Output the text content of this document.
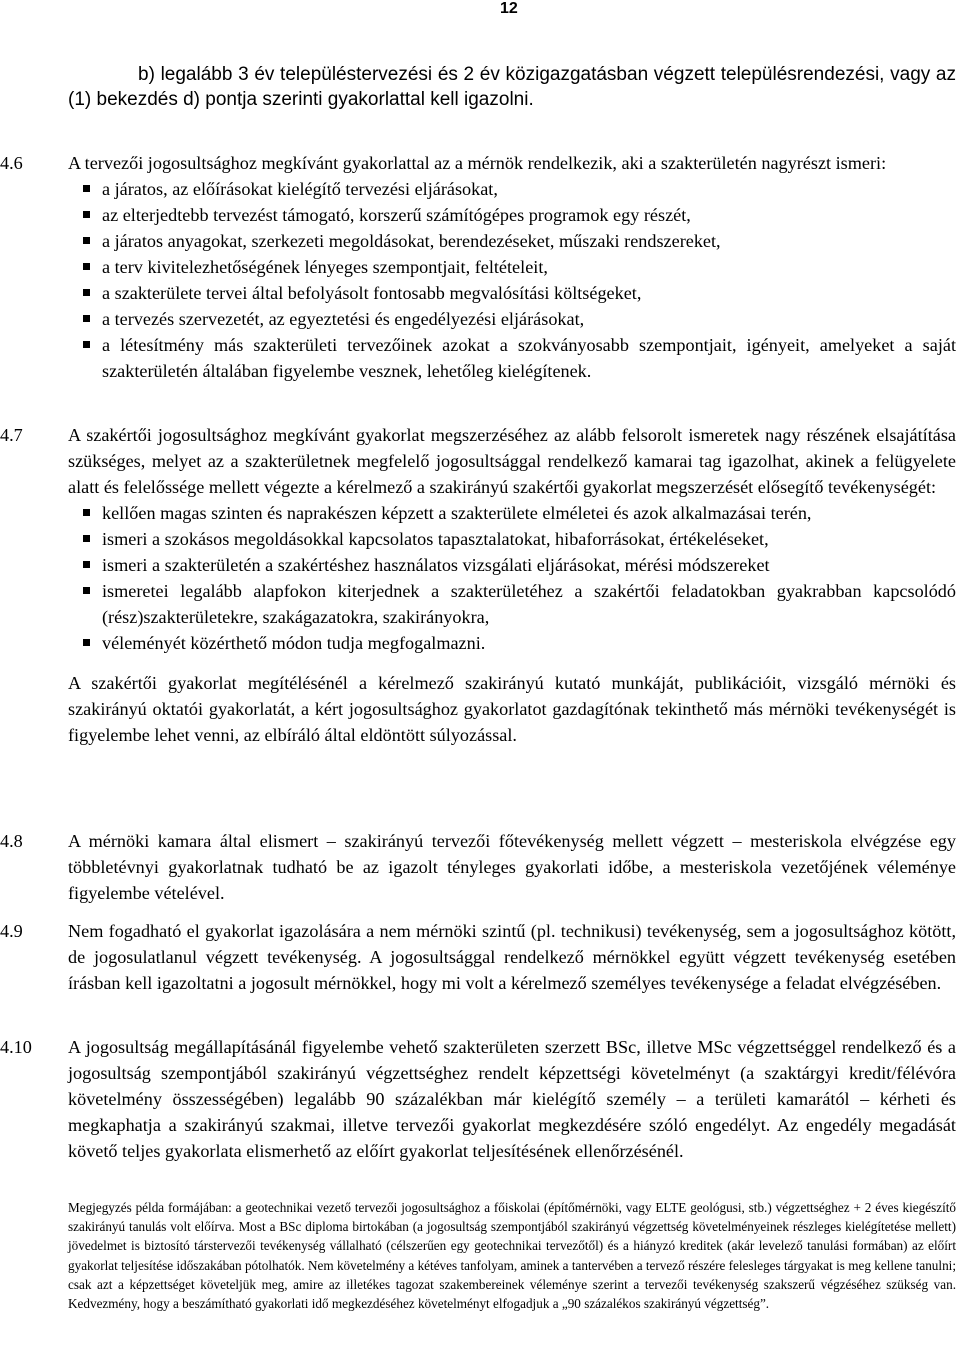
12
b) legalább 3 év településtervezési és 2 év közigazgatásban végzett településrendezési, vagy az (1) bekezdés d) pontja szerinti gyakorlattal kell igazolni.
4.6	A tervezői jogosultsághoz megkívánt gyakorlattal az a mérnök rendelkezik, aki a szakterületén nagyrészt ismeri:
a járatos, az előírásokat kielégítő tervezési eljárásokat,
az elterjedtebb tervezést támogató, korszerű számítógépes programok egy részét,
a járatos anyagokat, szerkezeti megoldásokat, berendezéseket, műszaki rendszereket,
a terv kivitelezhetőségének lényeges szempontjait, feltételeit,
a szakterülete tervei által befolyásolt fontosabb megvalósítási költségeket,
a tervezés szervezetét, az egyeztetési és engedélyezési eljárásokat,
a létesítmény más szakterületi tervezőinek azokat a szokványosabb szempontjait, igényeit, amelyeket a saját szakterületén általában figyelembe vesznek, lehetőleg kielégítenek.
4.7	A szakértői jogosultsághoz megkívánt gyakorlat megszerzéséhez az alább felsorolt ismeretek nagy részének elsajátítása szükséges, melyet az a szakterületnek megfelelő jogosultsággal rendelkező kamarai tag igazolhat, akinek a felügyelete alatt és felelőssége mellett végezte a kérelmező a szakirányú szakértői gyakorlat megszerzését elősegítő tevékenységét:
kellően magas szinten és naprakészen képzett a szakterülete elméletei és azok alkalmazásai terén,
ismeri a szokásos megoldásokkal kapcsolatos tapasztalatokat, hibaforrásokat, értékeléseket,
ismeri a szakterületén a szakértéshez használatos vizsgálati eljárásokat, mérési módszereket
ismeretei legalább alapfokon kiterjednek a szakterületéhez a szakértői feladatokban gyakrabban kapcsolódó (rész)szakterületekre, szakágazatokra, szakirányokra,
véleményét közérthető módon tudja megfogalmazni.
A szakértői gyakorlat megítélésénél a kérelmező szakirányú kutató munkáját, publikációit, vizsgáló mérnöki és szakirányú oktatói gyakorlatát, a kért jogosultsághoz gyakorlatot gazdagítónak tekinthető más mérnöki tevékenységét is figyelembe lehet venni, az elbíráló által eldöntött súlyozással.
4.8	A mérnöki kamara által elismert – szakirányú tervezői főtevékenység mellett végzett – mesteriskola elvégzése egy többletévnyi gyakorlatnak tudható be az igazolt tényleges gyakorlati időbe, a mesteriskola vezetőjének véleménye figyelembe vételével.
4.9	Nem fogadható el gyakorlat igazolására a nem mérnöki szintű (pl. technikusi) tevékenység, sem a jogosultsághoz kötött, de jogosulatlanul végzett tevékenység. A jogosultsággal rendelkező mérnökkel együtt végzett tevékenység esetében írásban kell igazoltatni a jogosult mérnökkel, hogy mi volt a kérelmező személyes tevékenysége a feladat elvégzésében.
4.10	A jogosultság megállapításánál figyelembe vehető szakterületen szerzett BSc, illetve MSc végzettséggel rendelkező és a jogosultság szempontjából szakirányú végzettséghez rendelt képzettségi követelményt (a szaktárgyi kredit/félévóra követelmény összességében) legalább 90 százalékban már kielégítő személy – a területi kamarától – kérheti és megkaphatja a szakirányú szakmai, illetve tervezői gyakorlat megkezdésére szóló engedélyt. Az engedély megadását követő teljes gyakorlata elismerhető az előírt gyakorlat teljesítésének ellenőrzésénél.
Megjegyzés példa formájában: a geotechnikai vezető tervezői jogosultsághoz a főiskolai (építőmérnöki, vagy ELTE geológusi, stb.) végzettséghez + 2 éves kiegészítő szakirányú tanulás volt előírva. Most a BSc diploma birtokában (a jogosultság szempontjából szakirányú végzettség követelményeinek részleges kielégítetése mellett) jövedelmet is biztosító társtervezői tevékenység vállalható (célszerűen egy geotechnikai tervezőtől) és a hiányzó kreditek (akár levelező tanulási formában) az előírt gyakorlat teljesítése időszakában pótolhatók. Nem követelmény a kétéves tanfolyam, aminek a tantervében a tervező részére felesleges tárgyakat is meg kellene tanulni; csak azt a képzettséget követeljük meg, amire az illetékes tagozat szakembereinek véleménye szerint a tervezői tevékenység szakszerű végzéséhez szükség van. Kedvezmény, hogy a beszámítható gyakorlati idő megkezdéséhez követelményt elfogadjuk a „90 százalékos szakirányú végzettség”.
